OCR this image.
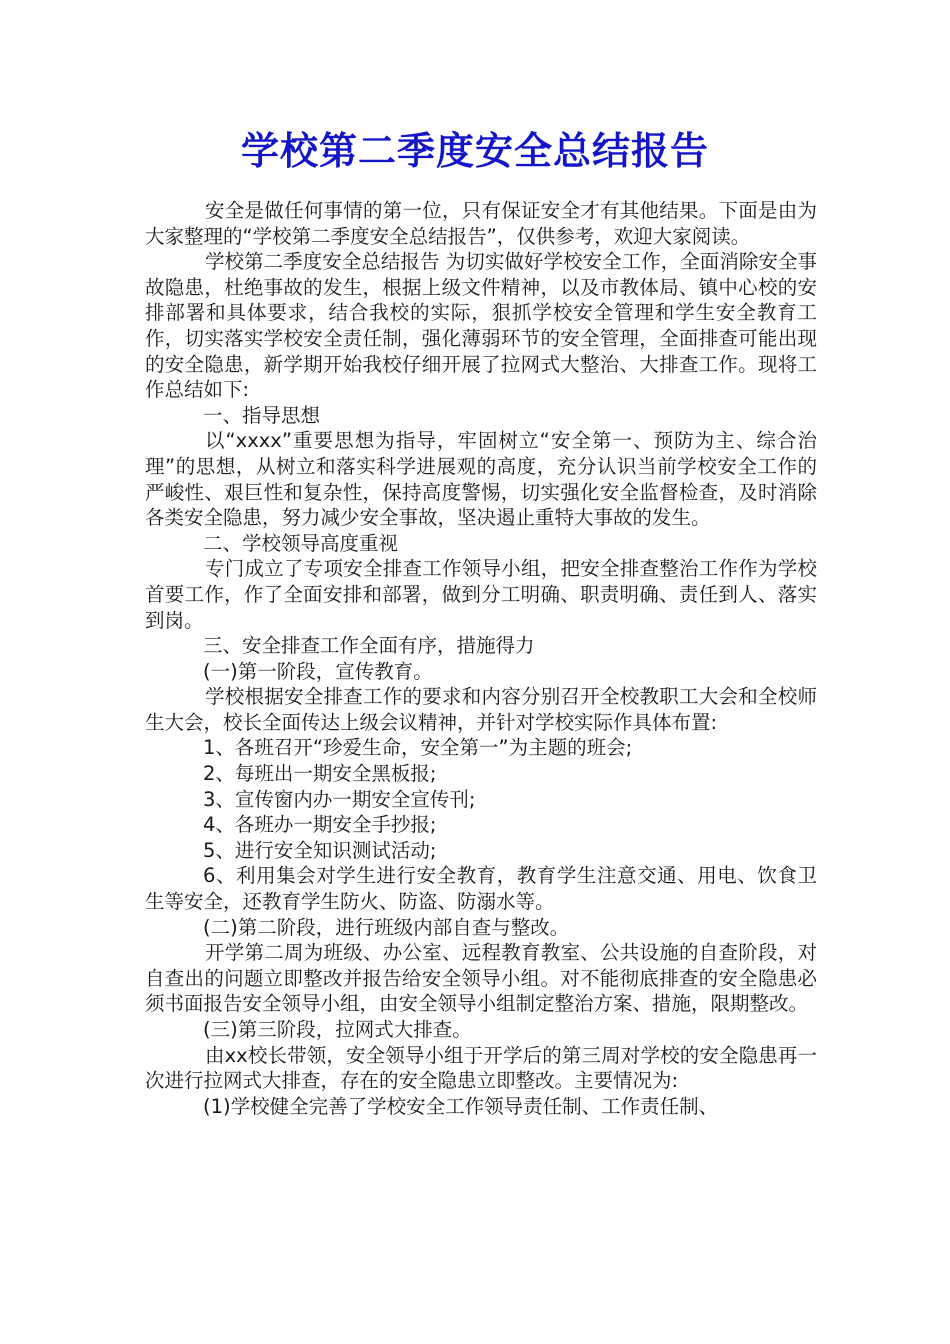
学校第二季度安全总结报告

安全是做任何事情的第一位，只有保证安全才有其他结果。下面是由为大家整理的“学校第二季度安全总结报告”，仅供参考，欢迎大家阅读。

学校第二季度安全总结报告 为切实做好学校安全工作，全面消除安全事故隐患，杜绝事故的发生，根据上级文件精神，以及市教体局、镇中心校的安排部署和具体要求，结合我校的实际，狠抓学校安全管理和学生安全教育工作，切实落实学校安全责任制，强化薄弱环节的安全管理，全面排查可能出现的安全隐患，新学期开始我校仔细开展了拉网式大整治、大排查工作。现将工作总结如下:

一、指导思想

以“xxxx”重要思想为指导，牢固树立“安全第一、预防为主、综合治理”的思想，从树立和落实科学进展观的高度，充分认识当前学校安全工作的严峻性、艰巨性和复杂性，保持高度警惕，切实强化安全监督检查，及时消除各类安全隐患，努力减少安全事故，坚决遏止重特大事故的发生。

二、学校领导高度重视

专门成立了专项安全排查工作领导小组，把安全排查整治工作作为学校首要工作，作了全面安排和部署，做到分工明确、职责明确、责任到人、落实到岗。

三、安全排查工作全面有序，措施得力

(一)第一阶段，宣传教育。

学校根据安全排查工作的要求和内容分别召开全校教职工大会和全校师生大会，校长全面传达上级会议精神，并针对学校实际作具体布置:

1、各班召开“珍爱生命，安全第一”为主题的班会;

2、每班出一期安全黑板报;

3、宣传窗内办一期安全宣传刊;

4、各班办一期安全手抄报;

5、进行安全知识测试活动;

6、利用集会对学生进行安全教育，教育学生注意交通、用电、饮食卫生等安全，还教育学生防火、防盗、防溺水等。

(二)第二阶段，进行班级内部自查与整改。

开学第二周为班级、办公室、远程教育教室、公共设施的自查阶段，对自查出的问题立即整改并报告给安全领导小组。对不能彻底排查的安全隐患必须书面报告安全领导小组，由安全领导小组制定整治方案、措施，限期整改。

(三)第三阶段，拉网式大排查。

由xx校长带领，安全领导小组于开学后的第三周对学校的安全隐患再一次进行拉网式大排查，存在的安全隐患立即整改。主要情况为:

(1)学校健全完善了学校安全工作领导责任制、工作责任制、
